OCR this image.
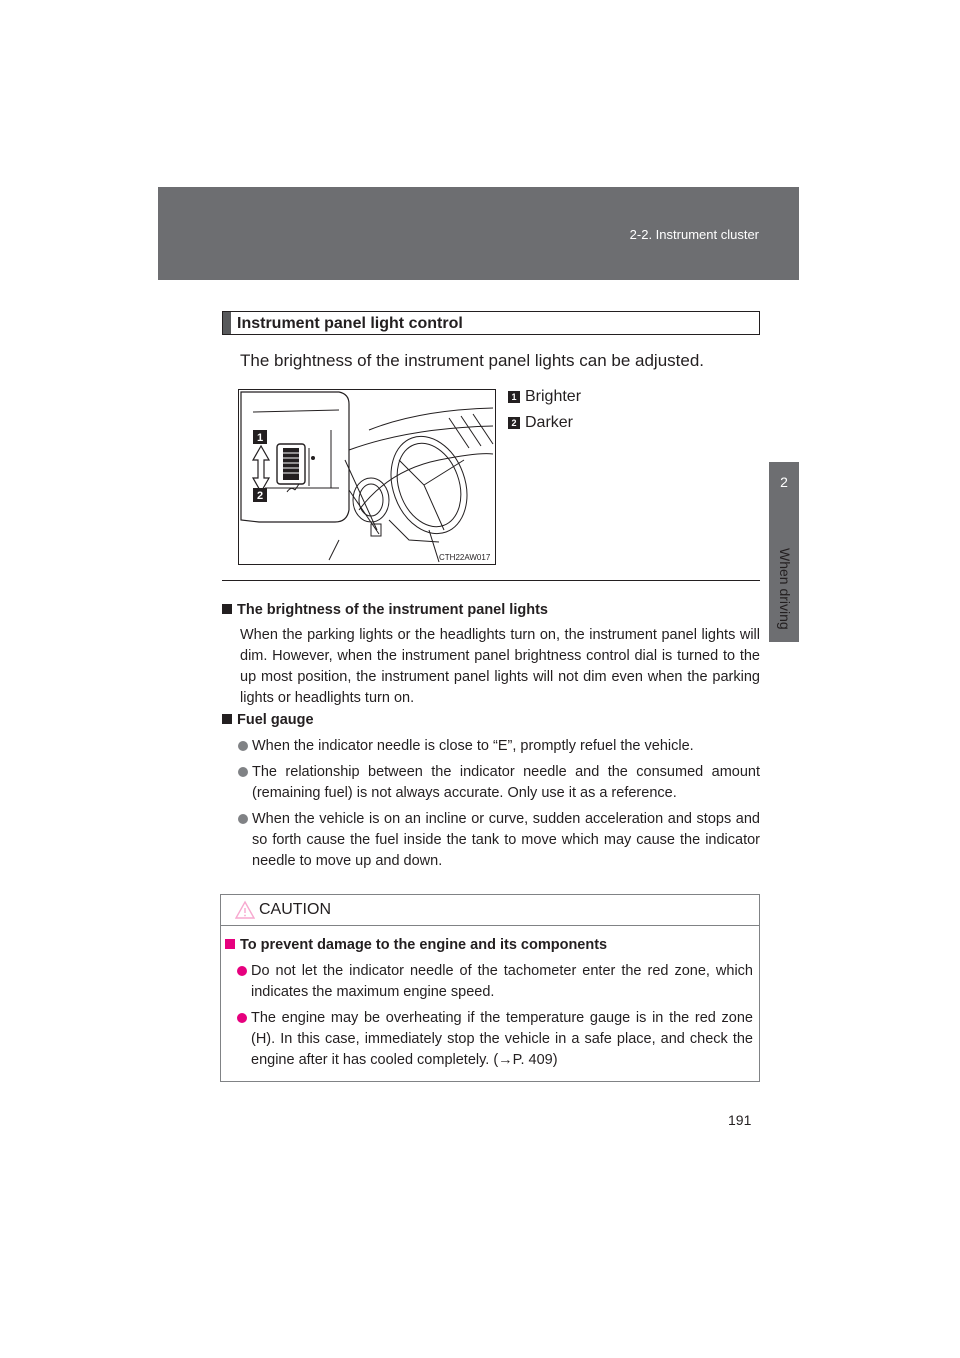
2-2. Instrument cluster
2
When driving
Instrument panel light control
The brightness of the instrument panel lights can be adjusted.
1
2
CTH22AW017
1 Brighter
2 Darker
The brightness of the instrument panel lights
When the parking lights or the headlights turn on, the instrument panel lights will dim. However, when the instrument panel brightness control dial is turned to the up most position, the instrument panel lights will not dim even when the parking lights or headlights turn on.
Fuel gauge
When the indicator needle is close to “E”, promptly refuel the vehicle.
The relationship between the indicator needle and the consumed amount (remaining fuel) is not always accurate. Only use it as a reference.
When the vehicle is on an incline or curve, sudden acceleration and stops and so forth cause the fuel inside the tank to move which may cause the indicator needle to move up and down.
CAUTION
To prevent damage to the engine and its components
Do not let the indicator needle of the tachometer enter the red zone, which indicates the maximum engine speed.
The engine may be overheating if the temperature gauge is in the red zone (H). In this case, immediately stop the vehicle in a safe place, and check the engine after it has cooled completely. (→P. 409)
191
